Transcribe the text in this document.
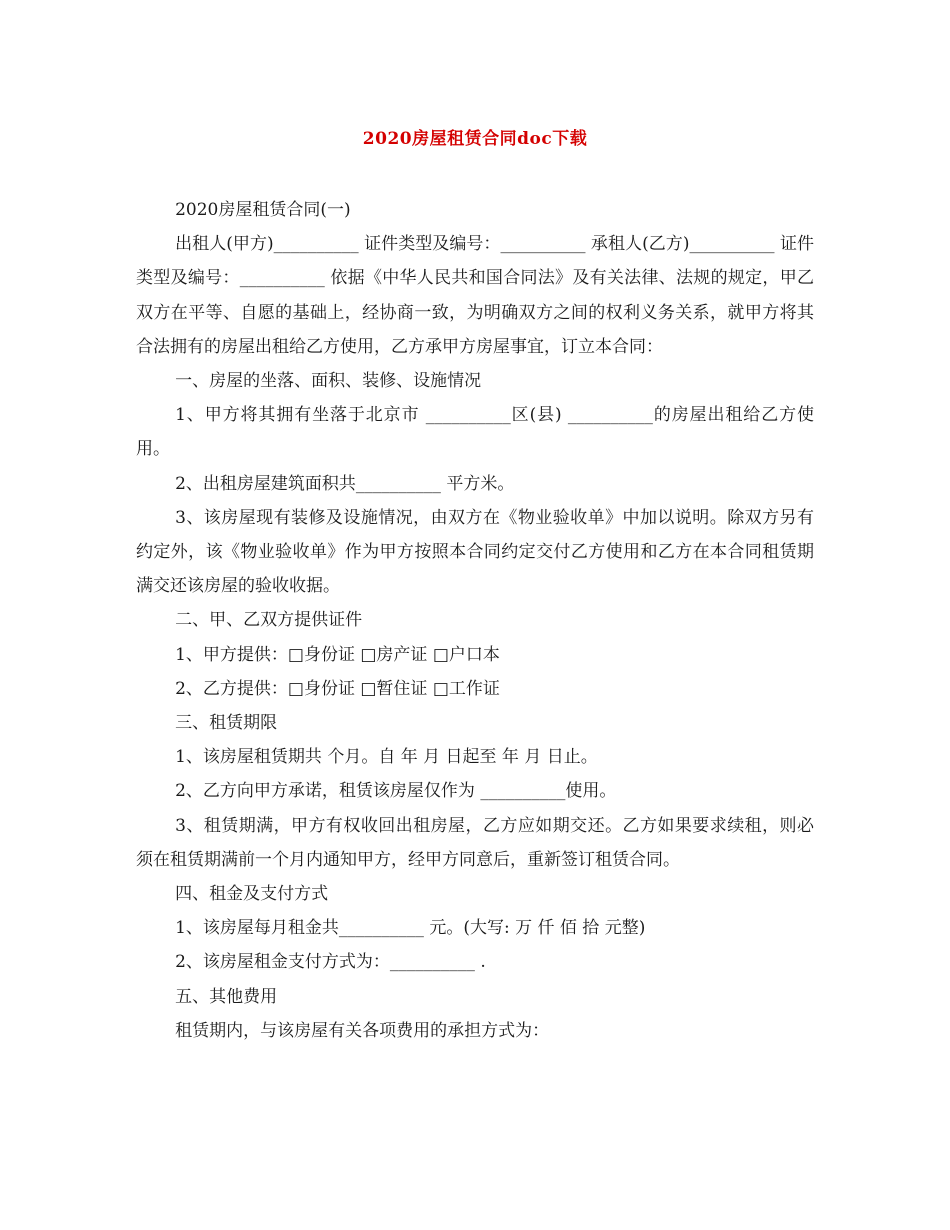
2020房屋租赁合同doc下载

2020房屋租赁合同(一)

出租人(甲方)__________ 证件类型及编号：__________ 承租人(乙方)__________ 证件类型及编号：__________ 依据《中华人民共和国合同法》及有关法律、法规的规定，甲乙双方在平等、自愿的基础上，经协商一致，为明确双方之间的权利义务关系，就甲方将其合法拥有的房屋出租给乙方使用，乙方承甲方房屋事宜，订立本合同：

一、房屋的坐落、面积、装修、设施情况

1、甲方将其拥有坐落于北京市 __________区(县) __________的房屋出租给乙方使用。

2、出租房屋建筑面积共__________ 平方米。

3、该房屋现有装修及设施情况，由双方在《物业验收单》中加以说明。除双方另有约定外，该《物业验收单》作为甲方按照本合同约定交付乙方使用和乙方在本合同租赁期满交还该房屋的验收收据。

二、甲、乙双方提供证件

1、甲方提供：□身份证 □房产证 □户口本

2、乙方提供：□身份证 □暂住证 □工作证

三、租赁期限

1、该房屋租赁期共 个月。自 年 月 日起至 年 月 日止。

2、乙方向甲方承诺，租赁该房屋仅作为 __________使用。

3、租赁期满，甲方有权收回出租房屋，乙方应如期交还。乙方如果要求续租，则必须在租赁期满前一个月内通知甲方，经甲方同意后，重新签订租赁合同。

四、租金及支付方式

1、该房屋每月租金共__________ 元。(大写: 万 仟 佰 拾 元整)

2、该房屋租金支付方式为：__________ .

五、其他费用

租赁期内，与该房屋有关各项费用的承担方式为：
